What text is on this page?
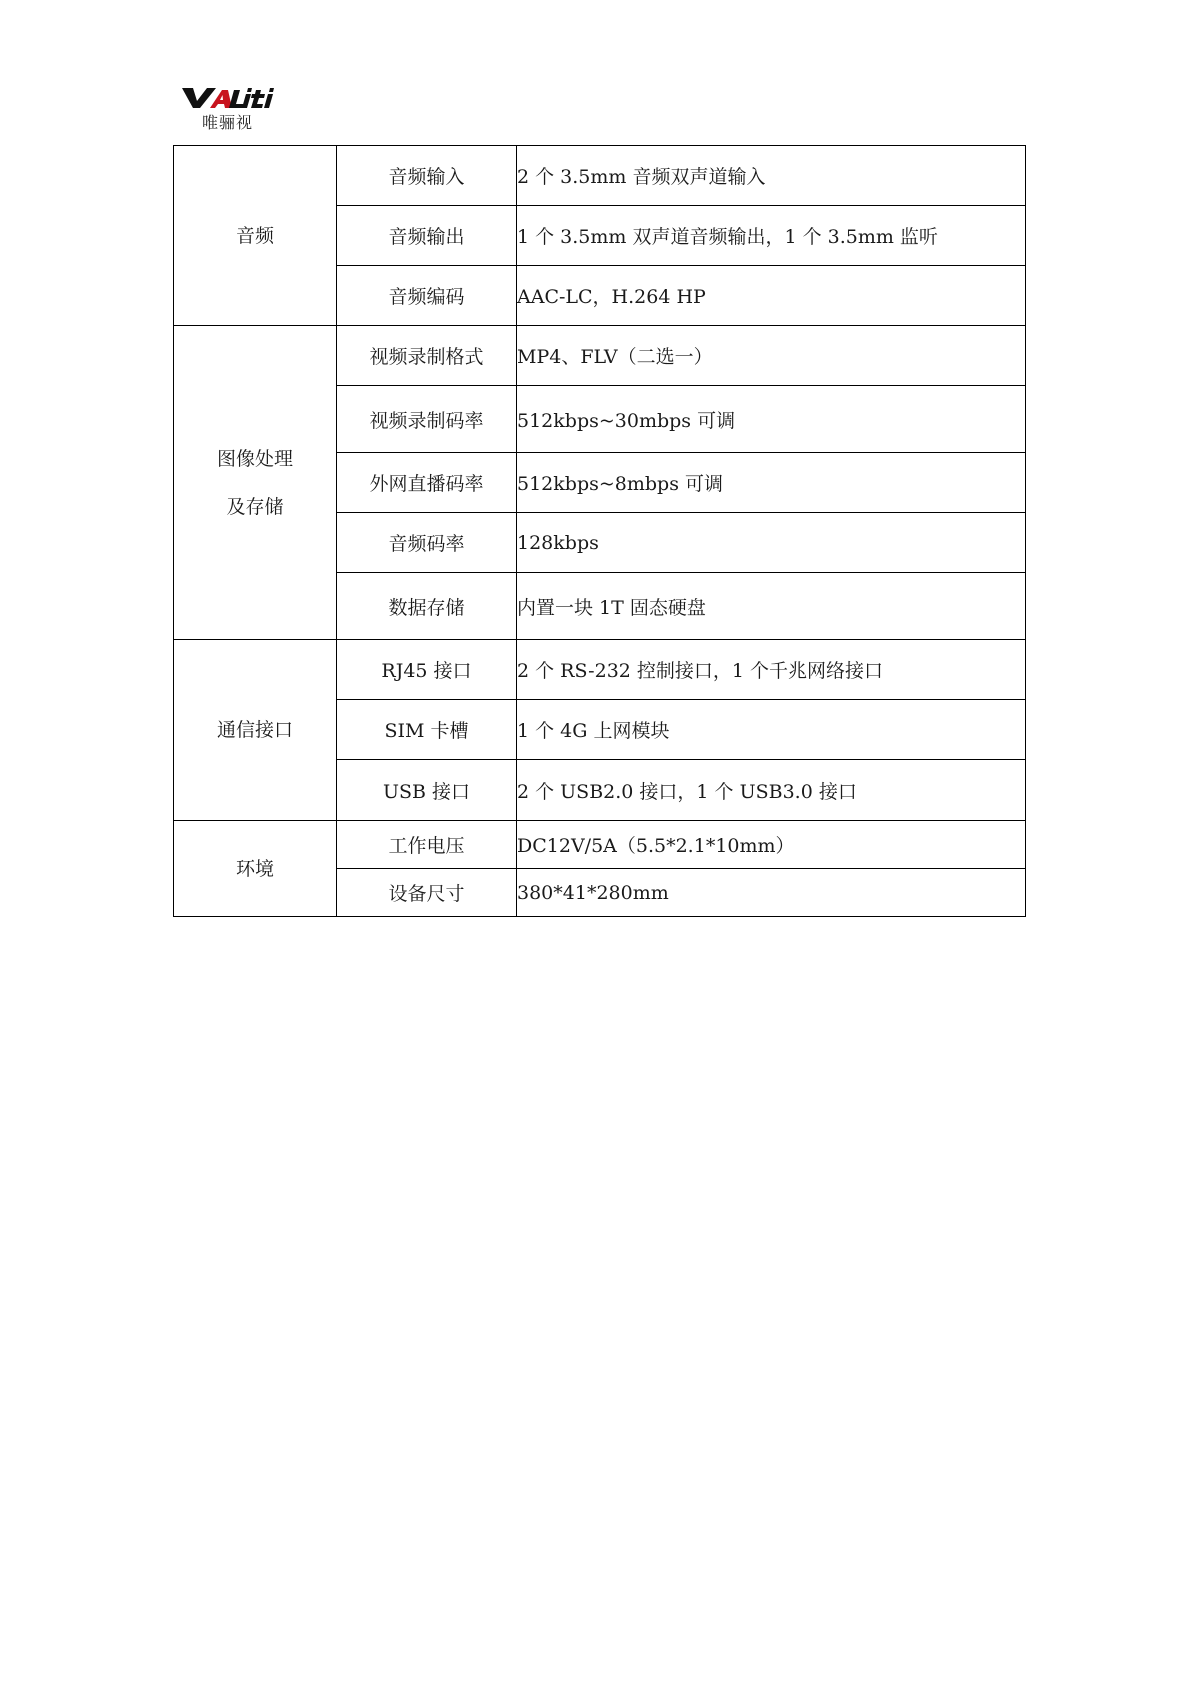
唯骊视
音频	音频输入	2 个 3.5mm 音频双声道输入
	音频输出	1 个 3.5mm 双声道音频输出，1 个 3.5mm 监听
	音频编码	AAC-LC，H.264 HP

图像处理
及存储	视频录制格式	MP4、FLV（二选一）
	视频录制码率	512kbps~30mbps 可调
	外网直播码率	512kbps~8mbps 可调
	音频码率	128kbps
	数据存储	内置一块 1T 固态硬盘

通信接口	RJ45 接口	2 个 RS-232 控制接口，1 个千兆网络接口
	SIM 卡槽	1 个 4G 上网模块
	USB 接口	2 个 USB2.0 接口，1 个 USB3.0 接口

环境	工作电压	DC12V/5A（5.5*2.1*10mm）
	设备尺寸	380*41*280mm
